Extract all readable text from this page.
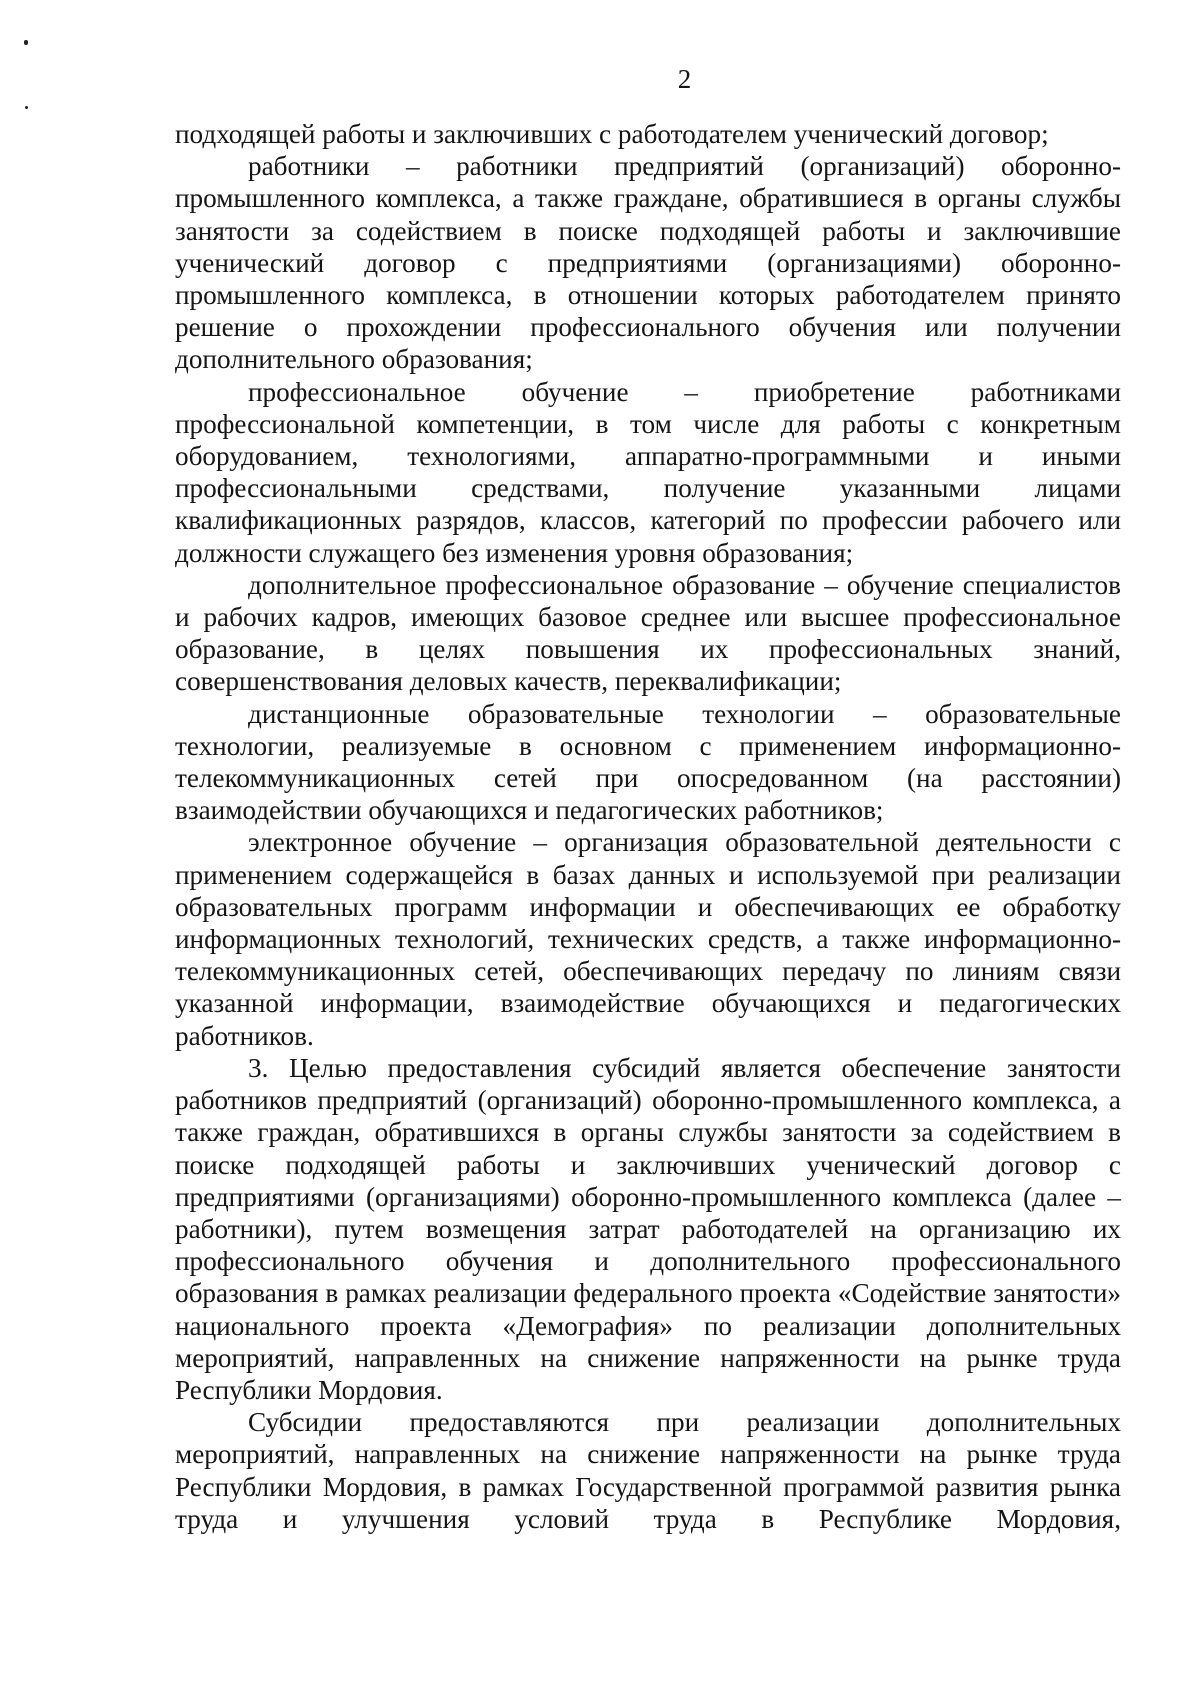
2

подходящей работы и заключивших с работодателем ученический договор;

работники – работники предприятий (организаций) оборонно-промышленного комплекса, а также граждане, обратившиеся в органы службы занятости за содействием в поиске подходящей работы и заключившие ученический договор с предприятиями (организациями) оборонно-промышленного комплекса, в отношении которых работодателем принято решение о прохождении профессионального обучения или получении дополнительного образования;

профессиональное обучение – приобретение работниками профессиональной компетенции, в том числе для работы с конкретным оборудованием, технологиями, аппаратно-программными и иными профессиональными средствами, получение указанными лицами квалификационных разрядов, классов, категорий по профессии рабочего или должности служащего без изменения уровня образования;

дополнительное профессиональное образование – обучение специалистов и рабочих кадров, имеющих базовое среднее или высшее профессиональное образование, в целях повышения их профессиональных знаний, совершенствования деловых качеств, переквалификации;

дистанционные образовательные технологии – образовательные технологии, реализуемые в основном с применением информационно-телекоммуникационных сетей при опосредованном (на расстоянии) взаимодействии обучающихся и педагогических работников;

электронное обучение – организация образовательной деятельности с применением содержащейся в базах данных и используемой при реализации образовательных программ информации и обеспечивающих ее обработку информационных технологий, технических средств, а также информационно-телекоммуникационных сетей, обеспечивающих передачу по линиям связи указанной информации, взаимодействие обучающихся и педагогических работников.

3. Целью предоставления субсидий является обеспечение занятости работников предприятий (организаций) оборонно-промышленного комплекса, а также граждан, обратившихся в органы службы занятости за содействием в поиске подходящей работы и заключивших ученический договор с предприятиями (организациями) оборонно-промышленного комплекса (далее – работники), путем возмещения затрат работодателей на организацию их профессионального обучения и дополнительного профессионального образования в рамках реализации федерального проекта «Содействие занятости» национального проекта «Демография» по реализации дополнительных мероприятий, направленных на снижение напряженности на рынке труда Республики Мордовия.

Субсидии предоставляются при реализации дополнительных мероприятий, направленных на снижение напряженности на рынке труда Республики Мордовия, в рамках Государственной программой развития рынка труда и улучшения условий труда в Республике Мордовия,
